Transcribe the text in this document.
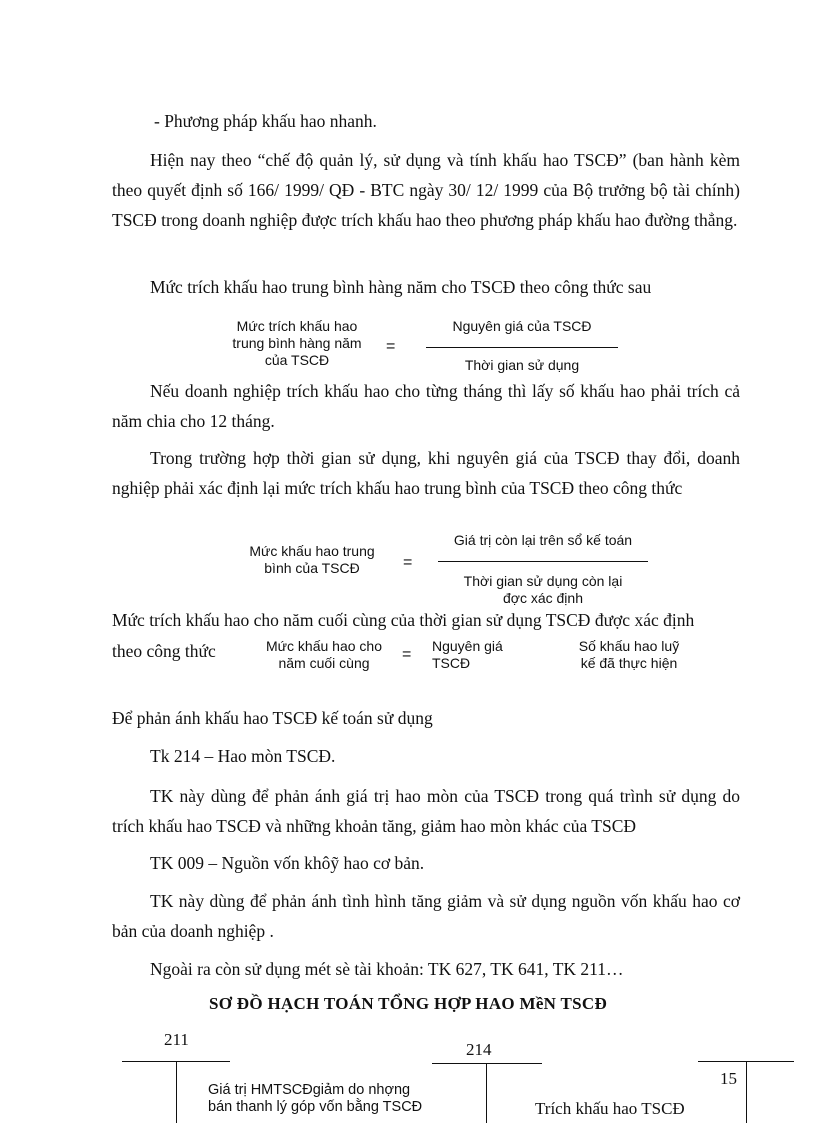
- Phương pháp khấu hao nhanh.

Hiện nay theo “chế độ quản lý, sử dụng và tính khấu hao TSCĐ” (ban hành kèm theo quyết định số 166/ 1999/ QĐ - BTC ngày 30/ 12/ 1999 của Bộ trưởng bộ tài chính) TSCĐ trong doanh nghiệp được trích khấu hao theo phương pháp khấu hao đường thẳng.

Mức trích khấu hao trung bình hàng năm cho TSCĐ theo công thức sau

Mức trích khấu hao
trung bình hàng năm
của TSCĐ
=
Nguyên giá của TSCĐ
Thời gian sử dụng

Nếu doanh nghiệp trích khấu hao cho từng tháng thì lấy số khấu hao phải trích cả năm chia cho 12 tháng.

Trong trường hợp thời gian sử dụng, khi nguyên giá của TSCĐ thay đổi, doanh nghiệp phải xác định lại mức trích khấu hao trung bình của TSCĐ theo công thức

Mức khấu hao trung
bình của TSCĐ	=
Giá trị còn lại trên sổ kế toán
Thời gian sử dụng còn lại
đợc xác định

Mức trích khấu hao cho năm cuối cùng của thời gian sử dụng TSCĐ được xác định

theo công thức	Mức khấu hao cho
năm cuối cùng	= Nguyên giá
TSCĐ
Số khấu hao luỹ
kế đã thực hiện

Để phản ánh khấu hao TSCĐ kế toán sử dụng

Tk 214 – Hao mòn TSCĐ.

TK này dùng để phản ánh giá trị hao mòn của TSCĐ trong quá trình sử dụng do trích khấu hao TSCĐ và những khoản tăng, giảm hao mòn khác của TSCĐ

TK 009 – Nguồn vốn khôỹ hao cơ bản.

TK này dùng để phản ánh tình hình tăng giảm và sử dụng nguồn vốn khấu hao cơ bản của doanh nghiệp .

Ngoài ra còn sử dụng mét sè tài khoản: TK 627, TK 641, TK 211…

SƠ ĐỒ HẠCH TOÁN TỔNG HỢP HAO MềN TSCĐ
211
214
Giá trị HMTSCĐgiảm do nhợng
bán thanh lý góp vốn bằng TSCĐ	Trích khấu hao TSCĐ
15
